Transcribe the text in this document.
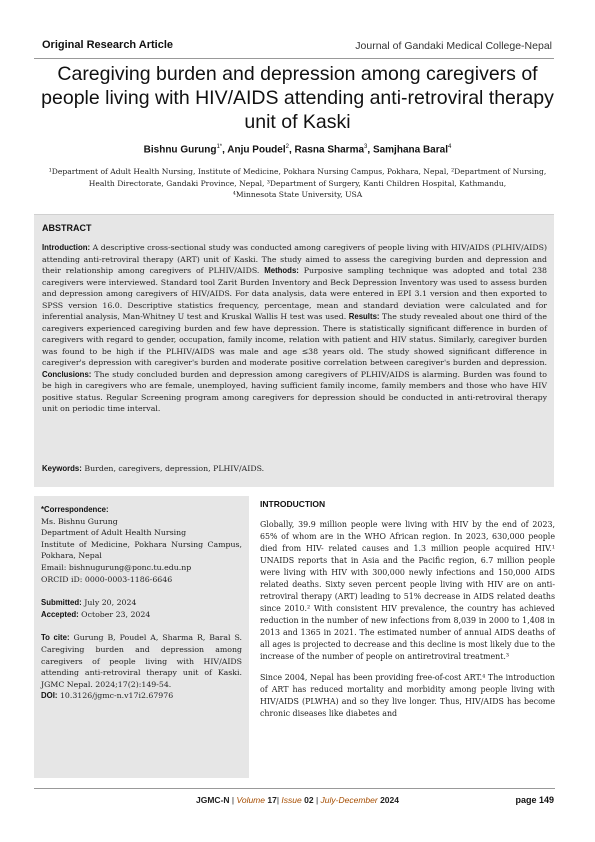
Original Research Article	Journal of Gandaki Medical College-Nepal
Caregiving burden and depression among caregivers of people living with HIV/AIDS attending anti-retroviral therapy unit of Kaski
Bishnu Gurung$^{1*}$, Anju Poudel$^2$, Rasna Sharma$^3$, Samjhana Baral$^4$
¹Department of Adult Health Nursing, Institute of Medicine, Pokhara Nursing Campus, Pokhara, Nepal, ²Department of Nursing,
Health Directorate, Gandaki Province, Nepal, ³Department of Surgery, Kanti Children Hospital, Kathmandu,
⁴Minnesota State University, USA
ABSTRACT
Introduction: A descriptive cross-sectional study was conducted among caregivers of people living with HIV/AIDS (PLHIV/AIDS) attending anti-retroviral therapy (ART) unit of Kaski. The study aimed to assess the caregiving burden and depression and their relationship among caregivers of PLHIV/AIDS. Methods: Purposive sampling technique was adopted and total 238 caregivers were interviewed. Standard tool Zarit Burden Inventory and Beck Depression Inventory was used to assess burden and depression among caregivers of HIV/AIDS. For data analysis, data were entered in EPI 3.1 version and then exported to SPSS version 16.0. Descriptive statistics frequency, percentage, mean and standard deviation were calculated and for inferential analysis, Man-Whitney U test and Kruskal Wallis H test was used. Results: The study revealed about one third of the caregivers experienced caregiving burden and few have depression. There is statistically significant difference in burden of caregivers with regard to gender, occupation, family income, relation with patient and HIV status. Similarly, caregiver burden was found to be high if the PLHIV/AIDS was male and age ≤38 years old. The study showed significant difference in caregiver's depression with caregiver's burden and moderate positive correlation between caregiver's burden and depression. Conclusions: The study concluded burden and depression among caregivers of PLHIV/AIDS is alarming. Burden was found to be high in caregivers who are female, unemployed, having sufficient family income, family members and those who have HIV positive status. Regular Screening program among caregivers for depression should be conducted in anti-retroviral therapy unit on periodic time interval.
Keywords: Burden, caregivers, depression, PLHIV/AIDS.
*Correspondence:
Ms. Bishnu Gurung
Department of Adult Health Nursing
Institute of Medicine, Pokhara Nursing Campus, Pokhara, Nepal
Email: bishnugurung@ponc.tu.edu.np
ORCID iD: 0000-0003-1186-6646
Submitted: July 20, 2024
Accepted: October 23, 2024
To cite: Gurung B, Poudel A, Sharma R, Baral S. Caregiving burden and depression among caregivers of people living with HIV/AIDS attending anti-retroviral therapy unit of Kaski. JGMC Nepal. 2024;17(2):149-54.
DOI: 10.3126/jgmc-n.v17i2.67976
INTRODUCTION

Globally, 39.9 million people were living with HIV by the end of 2023, 65% of whom are in the WHO African region. In 2023, 630,000 people died from HIV- related causes and 1.3 million people acquired HIV.¹ UNAIDS reports that in Asia and the Pacific region, 6.7 million people were living with HIV with 300,000 newly infections and 150,000 AIDS related deaths. Sixty seven percent people living with HIV are on anti-retroviral therapy (ART) leading to 51% decrease in AIDS related deaths since 2010.² With consistent HIV prevalence, the country has achieved reduction in the number of new infections from 8,039 in 2000 to 1,408 in 2013 and 1365 in 2021. The estimated number of annual AIDS deaths of all ages is projected to decrease and this decline is most likely due to the increase of the number of people on antiretroviral treatment.³

Since 2004, Nepal has been providing free-of-cost ART.⁴ The introduction of ART has reduced mortality and morbidity among people living with HIV/AIDS (PLWHA) and so they live longer. Thus, HIV/AIDS has become chronic diseases like diabetes and

JGMC-N | Volume 17| Issue 02 | July-December 2024	page 149
